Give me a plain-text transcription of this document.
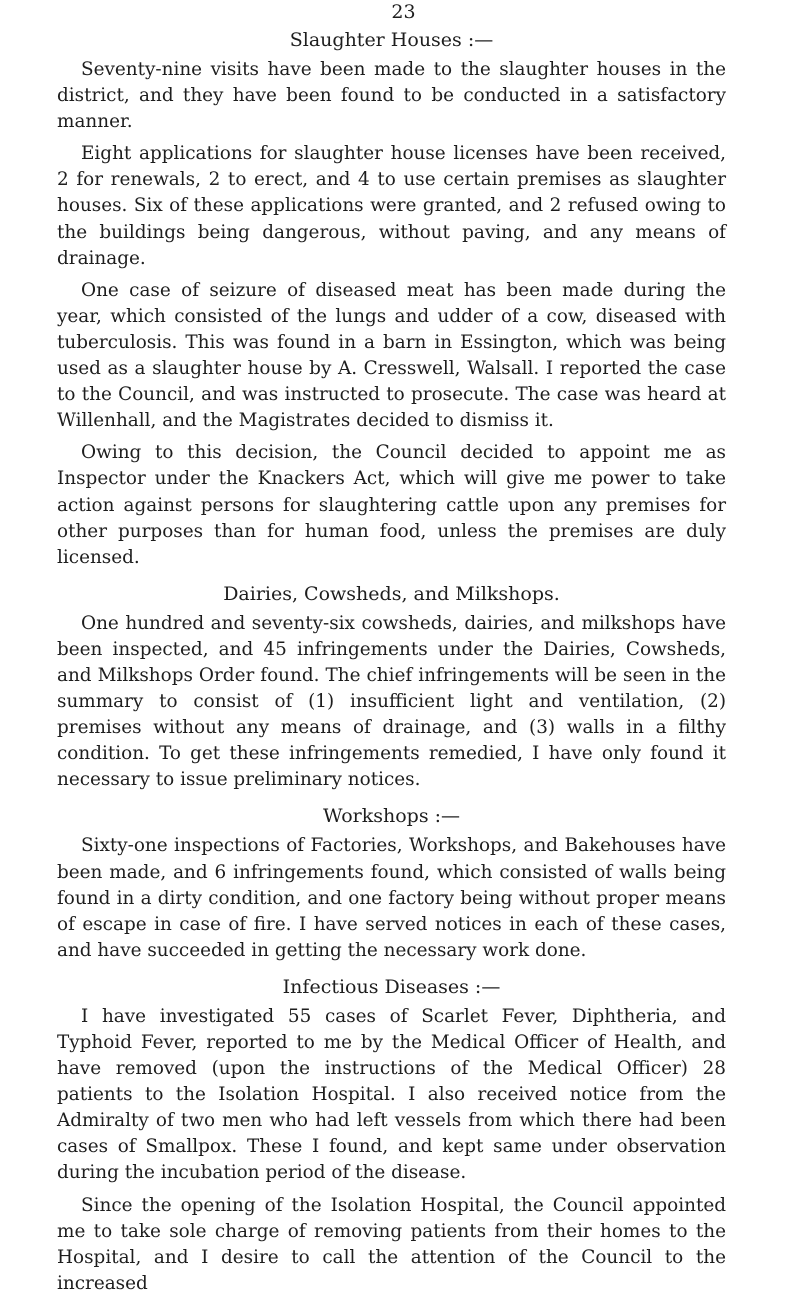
23
Slaughter Houses :—

Seventy-nine visits have been made to the slaughter houses in the district, and they have been found to be conducted in a satisfactory manner.

Eight applications for slaughter house licenses have been received, 2 for renewals, 2 to erect, and 4 to use certain premises as slaughter houses. Six of these applications were granted, and 2 refused owing to the buildings being dangerous, without paving, and any means of drainage.

One case of seizure of diseased meat has been made during the year, which consisted of the lungs and udder of a cow, diseased with tuberculosis. This was found in a barn in Essington, which was being used as a slaughter house by A. Cresswell, Walsall. I reported the case to the Council, and was instructed to prosecute. The case was heard at Willenhall, and the Magistrates decided to dismiss it.

Owing to this decision, the Council decided to appoint me as Inspector under the Knackers Act, which will give me power to take action against persons for slaughtering cattle upon any premises for other purposes than for human food, unless the premises are duly licensed.

Dairies, Cowsheds, and Milkshops.

One hundred and seventy-six cowsheds, dairies, and milkshops have been inspected, and 45 infringements under the Dairies, Cowsheds, and Milkshops Order found. The chief infringements will be seen in the summary to consist of (1) insufficient light and ventilation, (2) premises without any means of drainage, and (3) walls in a filthy condition. To get these infringements remedied, I have only found it necessary to issue preliminary notices.

Workshops :—

Sixty-one inspections of Factories, Workshops, and Bakehouses have been made, and 6 infringements found, which consisted of walls being found in a dirty condition, and one factory being without proper means of escape in case of fire. I have served notices in each of these cases, and have succeeded in getting the necessary work done.

Infectious Diseases :—

I have investigated 55 cases of Scarlet Fever, Diphtheria, and Typhoid Fever, reported to me by the Medical Officer of Health, and have removed (upon the instructions of the Medical Officer) 28 patients to the Isolation Hospital. I also received notice from the Admiralty of two men who had left vessels from which there had been cases of Smallpox. These I found, and kept same under observation during the incubation period of the disease.

Since the opening of the Isolation Hospital, the Council appointed me to take sole charge of removing patients from their homes to the Hospital, and I desire to call the attention of the Council to the increased
